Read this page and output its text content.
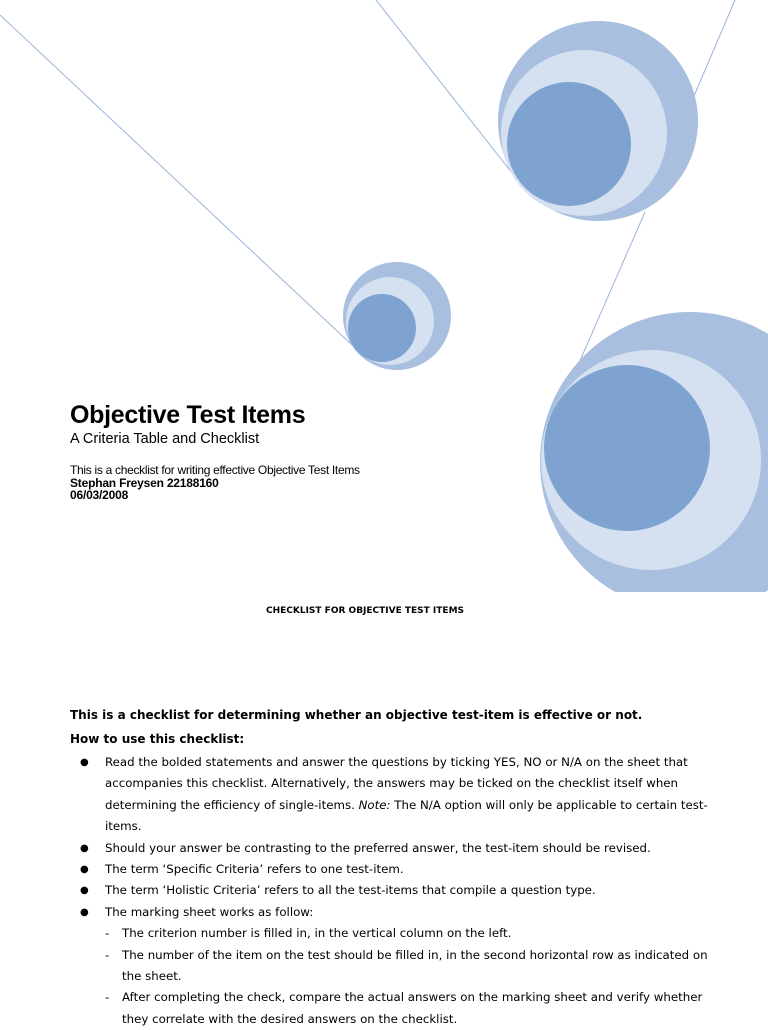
Objective Test Items

A Criteria Table and Checklist

This is a checklist for writing effective Objective Test Items

Stephan Freysen 22188160

06/03/2008

CHECKLIST FOR OBJECTIVE TEST ITEMS

This is a checklist for determining whether an objective test-item is effective or not.

How to use this checklist:

● Read the bolded statements and answer the questions by ticking YES, NO or N/A on the sheet that accompanies this checklist. Alternatively, the answers may be ticked on the checklist itself when determining the efficiency of single-items. Note: The N/A option will only be applicable to certain test-items.
● Should your answer be contrasting to the preferred answer, the test-item should be revised.
● The term ‘Specific Criteria’ refers to one test-item.
● The term ‘Holistic Criteria’ refers to all the test-items that compile a question type.
● The marking sheet works as follow:
- The criterion number is filled in, in the vertical column on the left.
- The number of the item on the test should be filled in, in the second horizontal row as indicated on the sheet.
- After completing the check, compare the actual answers on the marking sheet and verify whether they correlate with the desired answers on the checklist.
